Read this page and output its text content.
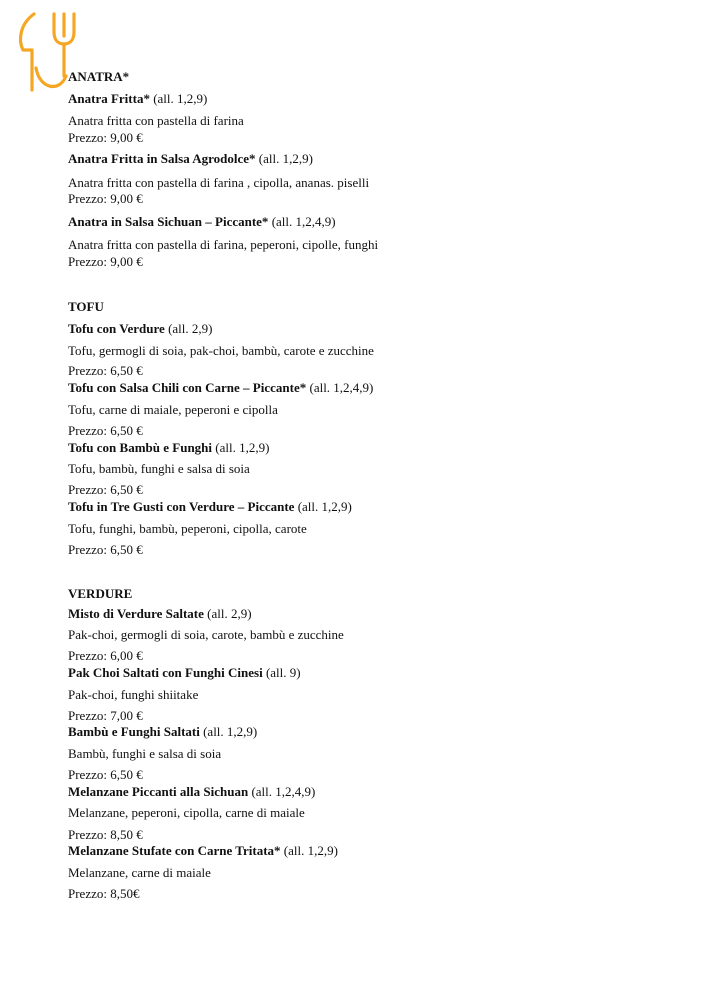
ANATRA*
Anatra Fritta* (all. 1,2,9)
Anatra fritta con pastella di farina
Prezzo: 9,00 €
Anatra Fritta in Salsa Agrodolce* (all. 1,2,9)
Anatra fritta con pastella di farina , cipolla, ananas. piselli
Prezzo: 9,00 €
Anatra in Salsa Sichuan – Piccante* (all. 1,2,4,9)
Anatra fritta con pastella di farina, peperoni, cipolle, funghi
Prezzo: 9,00 €
TOFU
Tofu con Verdure (all. 2,9)
Tofu, germogli di soia, pak-choi, bambù, carote e zucchine
Prezzo: 6,50 €
Tofu con Salsa Chili con Carne – Piccante* (all. 1,2,4,9)
Tofu, carne di maiale, peperoni e cipolla
Prezzo: 6,50 €
Tofu con Bambù e Funghi (all. 1,2,9)
Tofu, bambù, funghi e salsa di soia
Prezzo: 6,50 €
Tofu in Tre Gusti con Verdure – Piccante (all. 1,2,9)
Tofu, funghi, bambù, peperoni, cipolla, carote
Prezzo: 6,50 €
VERDURE
Misto di Verdure Saltate (all. 2,9)
Pak-choi, germogli di soia, carote, bambù e zucchine
Prezzo: 6,00 €
Pak Choi Saltati con Funghi Cinesi (all. 9)
Pak-choi, funghi shiitake
Prezzo: 7,00 €
Bambù e Funghi Saltati (all. 1,2,9)
Bambù, funghi e salsa di soia
Prezzo: 6,50 €
Melanzane Piccanti alla Sichuan (all. 1,2,4,9)
Melanzane, peperoni, cipolla, carne di maiale
Prezzo: 8,50 €
Melanzane Stufate con Carne Tritata* (all. 1,2,9)
Melanzane, carne di maiale
Prezzo: 8,50€
